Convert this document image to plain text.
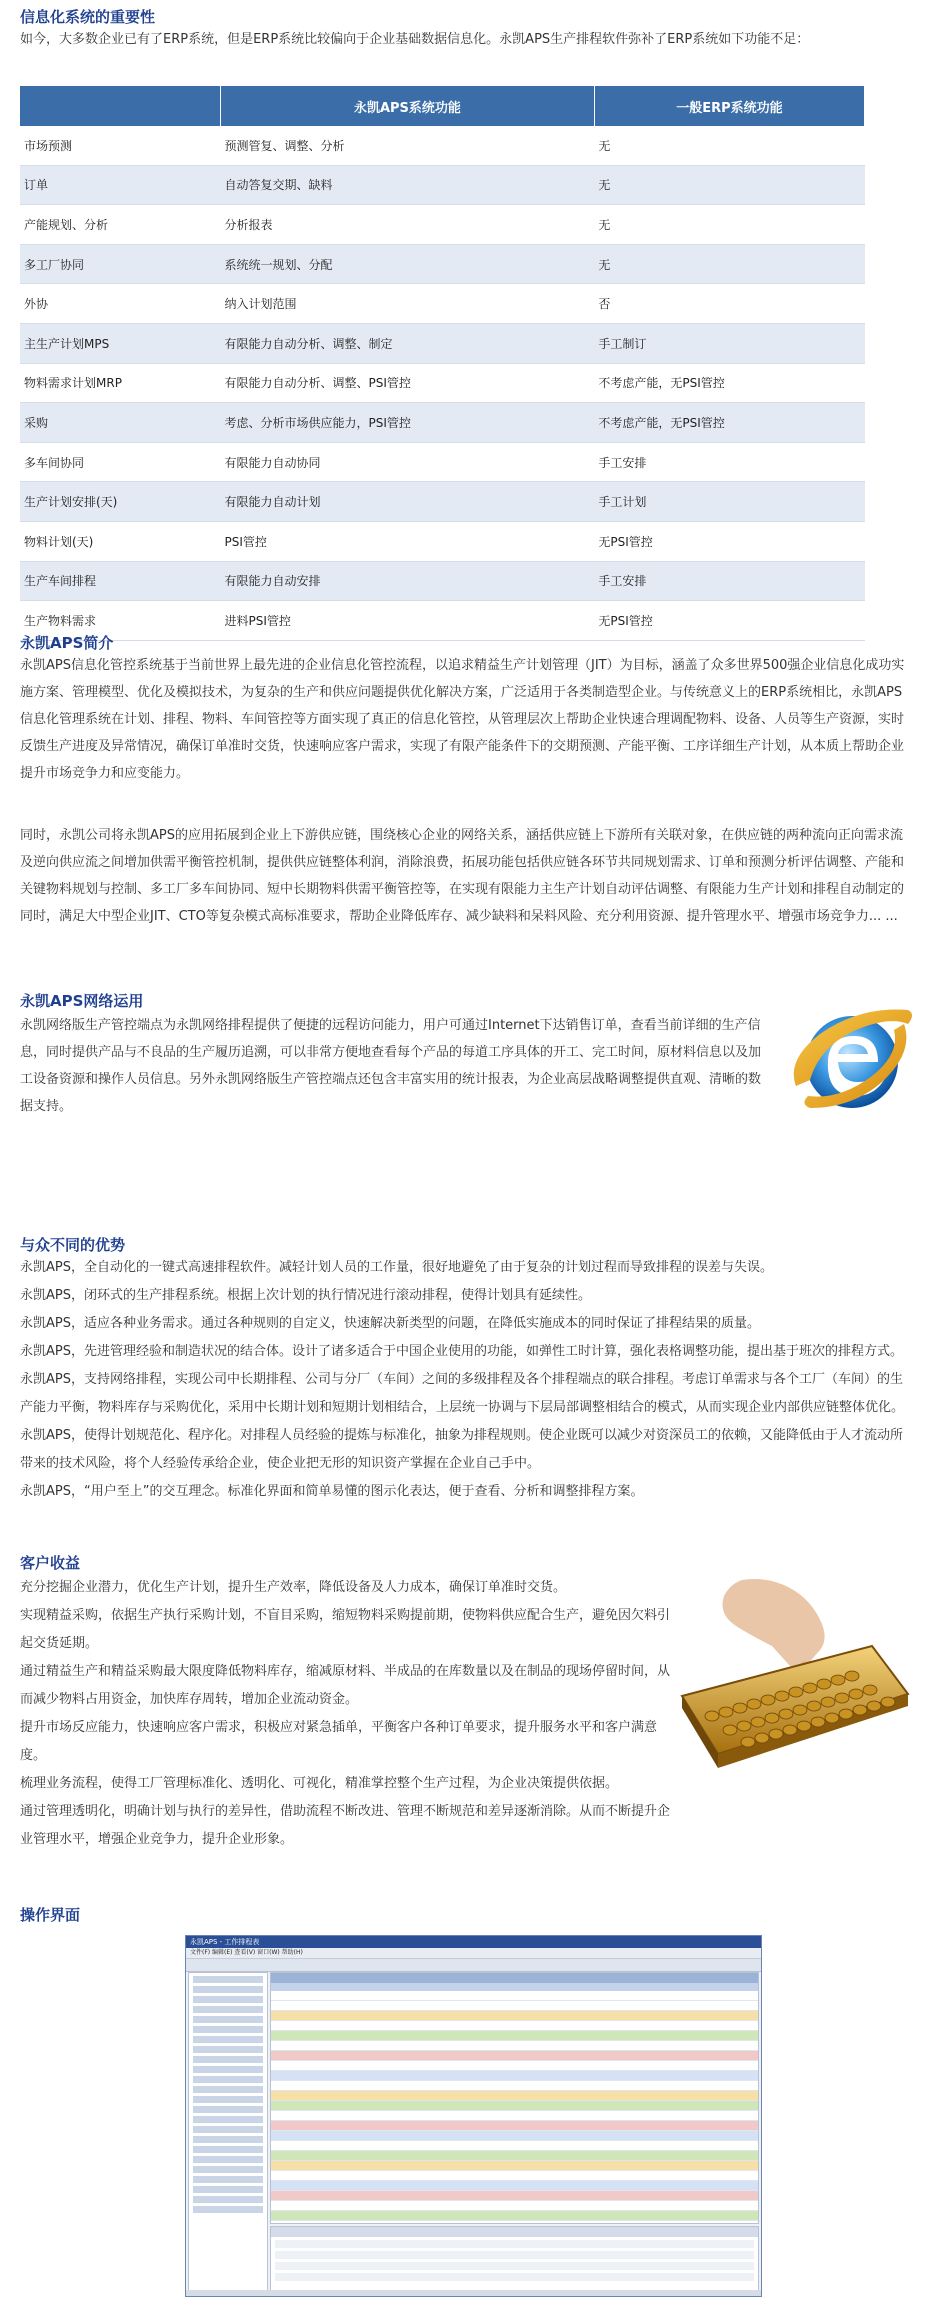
信息化系统的重要性

如今，大多数企业已有了ERP系统，但是ERP系统比较偏向于企业基础数据信息化。永凯APS生产排程软件弥补了ERP系统如下功能不足：

	永凯APS系统功能	一般ERP系统功能
市场预测	预测管复、调整、分析	无
订单	自动答复交期、缺料	无
产能规划、分析	分析报表	无
多工厂协同	系统统一规划、分配	无
外协	纳入计划范围	否
主生产计划MPS	有限能力自动分析、调整、制定	手工制订
物料需求计划MRP	有限能力自动分析、调整、PSI管控	不考虑产能，无PSI管控
采购	考虑、分析市场供应能力，PSI管控	不考虑产能，无PSI管控
多车间协同	有限能力自动协同	手工安排
生产计划安排(天)	有限能力自动计划	手工计划
物料计划(天)	PSI管控	无PSI管控
生产车间排程	有限能力自动安排	手工安排
生产物料需求	进料PSI管控	无PSI管控
永凯APS简介

永凯APS信息化管控系统基于当前世界上最先进的企业信息化管控流程，以追求精益生产计划管理（JIT）为目标，涵盖了众多世界500强企业信息化成功实施方案、管理模型、优化及模拟技术，为复杂的生产和供应问题提供优化解决方案，广泛适用于各类制造型企业。与传统意义上的ERP系统相比，永凯APS信息化管理系统在计划、排程、物料、车间管控等方面实现了真正的信息化管控，从管理层次上帮助企业快速合理调配物料、设备、人员等生产资源，实时反馈生产进度及异常情况，确保订单准时交货，快速响应客户需求，实现了有限产能条件下的交期预测、产能平衡、工序详细生产计划，从本质上帮助企业提升市场竞争力和应变能力。

同时，永凯公司将永凯APS的应用拓展到企业上下游供应链，围绕核心企业的网络关系，涵括供应链上下游所有关联对象，在供应链的两种流向正向需求流及逆向供应流之间增加供需平衡管控机制，提供供应链整体利润，消除浪费，拓展功能包括供应链各环节共同规划需求、订单和预测分析评估调整、产能和关键物料规划与控制、多工厂多车间协同、短中长期物料供需平衡管控等，在实现有限能力主生产计划自动评估调整、有限能力生产计划和排程自动制定的同时，满足大中型企业JIT、CTO等复杂模式高标准要求，帮助企业降低库存、减少缺料和呆料风险、充分利用资源、提升管理水平、增强市场竞争力... ...

永凯APS网络运用

永凯网络版生产管控端点为永凯网络排程提供了便捷的远程访问能力，用户可通过Internet下达销售订单，查看当前详细的生产信息，同时提供产品与不良品的生产履历追溯，可以非常方便地查看每个产品的每道工序具体的开工、完工时间，原材料信息以及加工设备资源和操作人员信息。另外永凯网络版生产管控端点还包含丰富实用的统计报表，为企业高层战略调整提供直观、清晰的数据支持。

与众不同的优势
永凯APS，全自动化的一键式高速排程软件。减轻计划人员的工作量，很好地避免了由于复杂的计划过程而导致排程的误差与失误。
永凯APS，闭环式的生产排程系统。根据上次计划的执行情况进行滚动排程，使得计划具有延续性。
永凯APS，适应各种业务需求。通过各种规则的自定义，快速解决新类型的问题，在降低实施成本的同时保证了排程结果的质量。
永凯APS，先进管理经验和制造状况的结合体。设计了诸多适合于中国企业使用的功能，如弹性工时计算，强化表格调整功能，提出基于班次的排程方式。
永凯APS，支持网络排程，实现公司中长期排程、公司与分厂（车间）之间的多级排程及各个排程端点的联合排程。考虑订单需求与各个工厂（车间）的生产能力平衡，物料库存与采购优化，采用中长期计划和短期计划相结合，上层统一协调与下层局部调整相结合的模式，从而实现企业内部供应链整体优化。
永凯APS，使得计划规范化、程序化。对排程人员经验的提炼与标准化，抽象为排程规则。使企业既可以减少对资深员工的依赖，又能降低由于人才流动所带来的技术风险，将个人经验传承给企业，使企业把无形的知识资产掌握在企业自己手中。
永凯APS，“用户至上”的交互理念。标准化界面和简单易懂的图示化表达，便于查看、分析和调整排程方案。
客户收益
充分挖掘企业潜力，优化生产计划，提升生产效率，降低设备及人力成本，确保订单准时交货。
实现精益采购，依据生产执行采购计划，不盲目采购，缩短物料采购提前期，使物料供应配合生产，避免因欠料引起交货延期。
通过精益生产和精益采购最大限度降低物料库存，缩减原材料、半成品的在库数量以及在制品的现场停留时间，从而减少物料占用资金，加快库存周转，增加企业流动资金。
提升市场反应能力，快速响应客户需求，积极应对紧急插单，平衡客户各种订单要求，提升服务水平和客户满意度。
梳理业务流程，使得工厂管理标准化、透明化、可视化，精准掌控整个生产过程，为企业决策提供依据。
通过管理透明化，明确计划与执行的差异性，借助流程不断改进、管理不断规范和差异逐渐消除。从而不断提升企业管理水平，增强企业竞争力，提升企业形象。
操作界面
永凯APS - 工作排程表
文件(F) 编辑(E) 查看(V) 窗口(W) 帮助(H)
